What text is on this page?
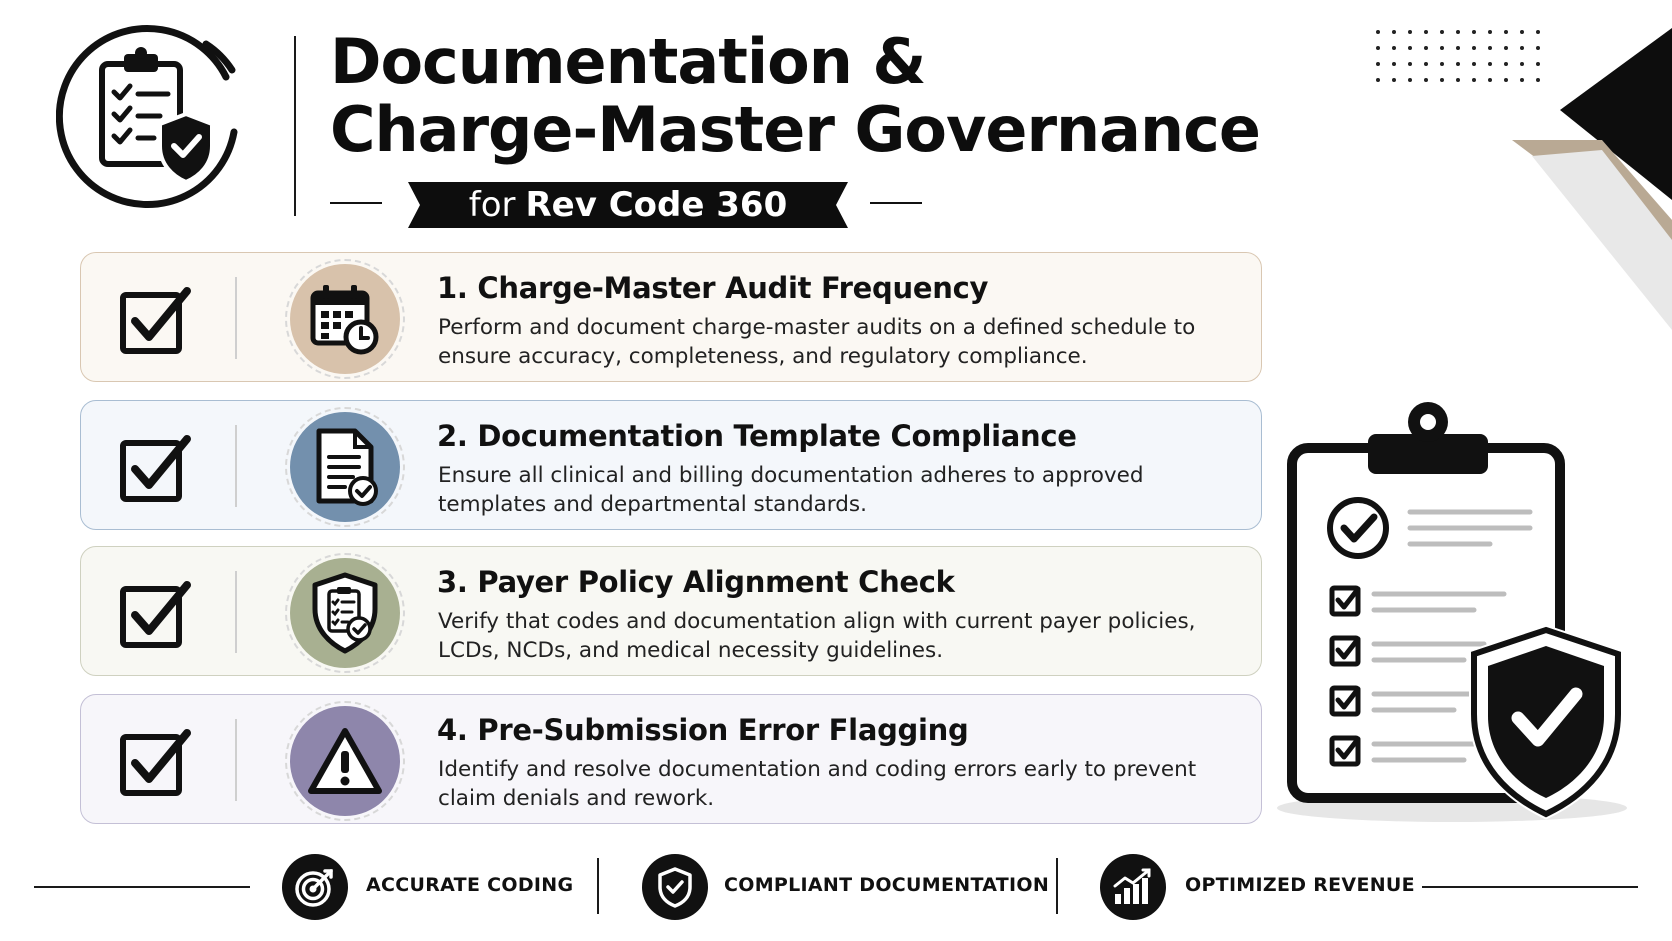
Documentation &
Charge-Master Governance
for Rev Code 360
1. Charge-Master Audit Frequency
Perform and document charge-master audits on a defined schedule to ensure accuracy, completeness, and regulatory compliance.
2. Documentation Template Compliance
Ensure all clinical and billing documentation adheres to approved templates and departmental standards.
3. Payer Policy Alignment Check
Verify that codes and documentation align with current payer policies, LCDs, NCDs, and medical necessity guidelines.
4. Pre-Submission Error Flagging
Identify and resolve documentation and coding errors early to prevent claim denials and rework.
ACCURATE CODING	COMPLIANT DOCUMENTATION	OPTIMIZED REVENUE
